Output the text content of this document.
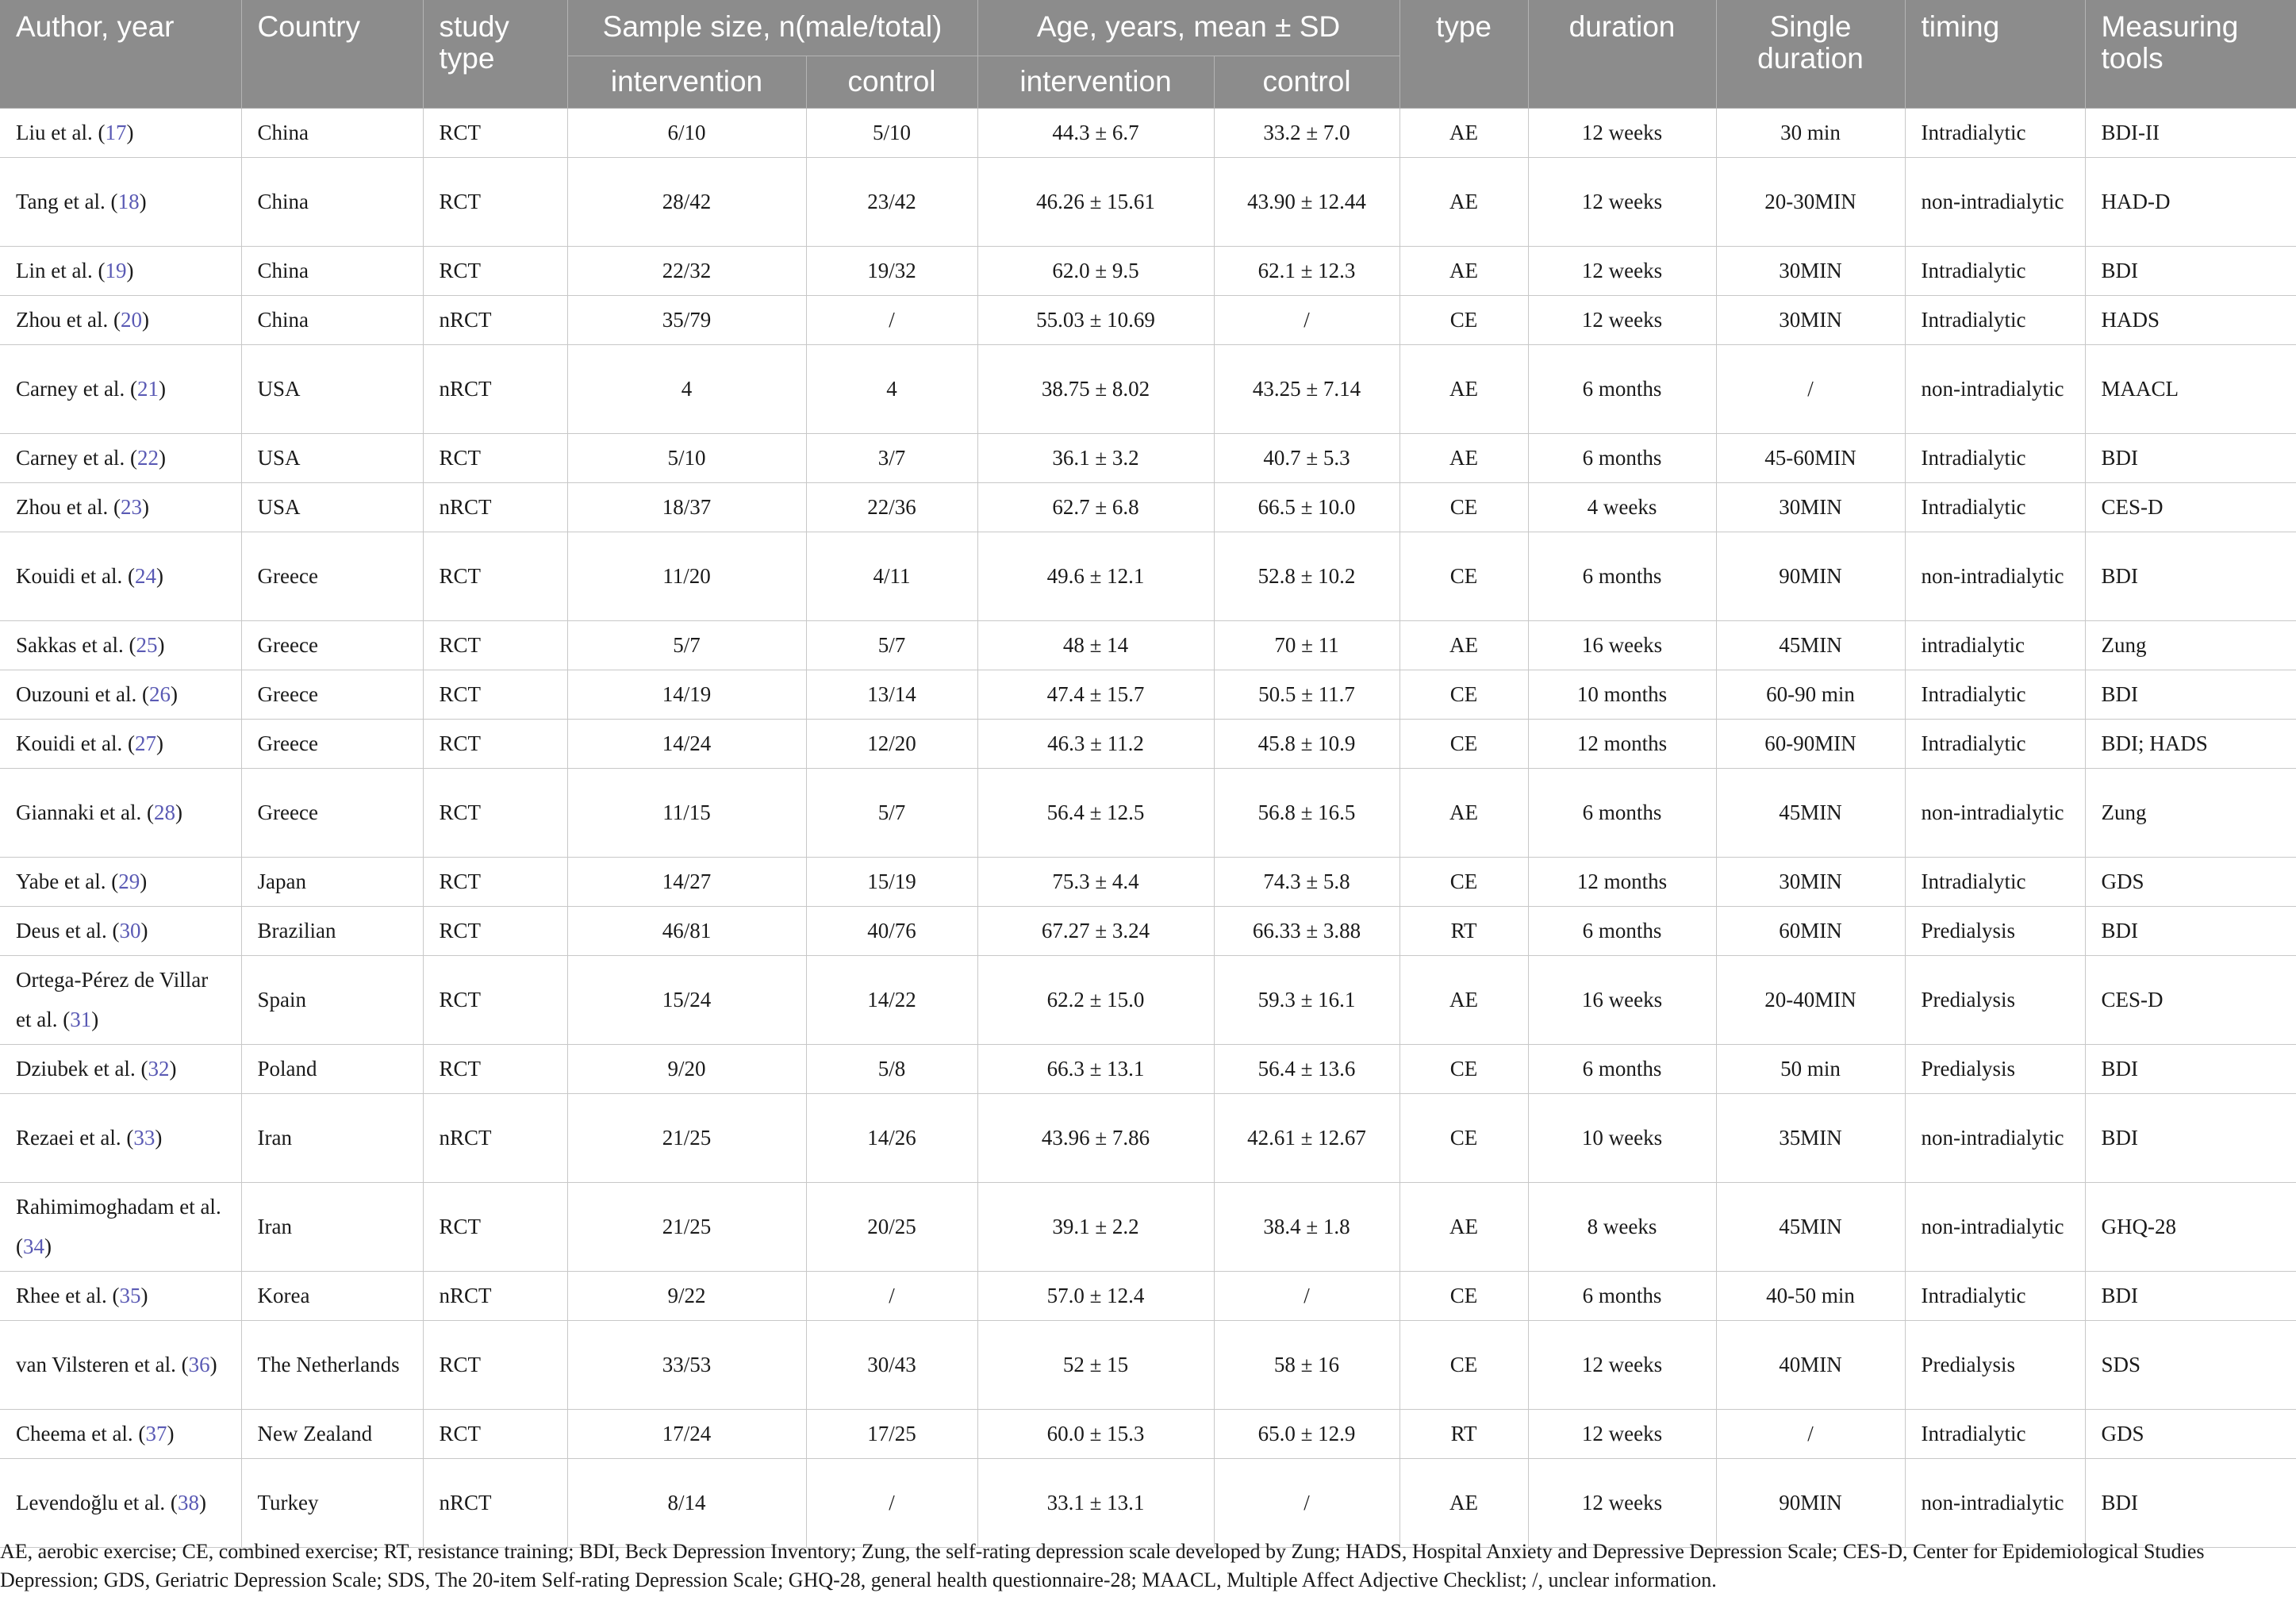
Author, year	Country	study type	Sample size, n(male/total)		Age, years, mean ± SD		type	duration	Single duration	timing	Measuring tools
			intervention	control	intervention	control					
Liu et al. (17)	China	RCT	6/10	5/10	44.3 ± 6.7	33.2 ± 7.0	AE	12 weeks	30 min	Intradialytic	BDI-II
Tang et al. (18)	China	RCT	28/42	23/42	46.26 ± 15.61	43.90 ± 12.44	AE	12 weeks	20-30MIN	non-intradialytic	HAD-D
Lin et al. (19)	China	RCT	22/32	19/32	62.0 ± 9.5	62.1 ± 12.3	AE	12 weeks	30MIN	Intradialytic	BDI
Zhou et al. (20)	China	nRCT	35/79	/	55.03 ± 10.69	/	CE	12 weeks	30MIN	Intradialytic	HADS
Carney et al. (21)	USA	nRCT	4	4	38.75 ± 8.02	43.25 ± 7.14	AE	6 months	/	non-intradialytic	MAACL
Carney et al. (22)	USA	RCT	5/10	3/7	36.1 ± 3.2	40.7 ± 5.3	AE	6 months	45-60MIN	Intradialytic	BDI
Zhou et al. (23)	USA	nRCT	18/37	22/36	62.7 ± 6.8	66.5 ± 10.0	CE	4 weeks	30MIN	Intradialytic	CES-D
Kouidi et al. (24)	Greece	RCT	11/20	4/11	49.6 ± 12.1	52.8 ± 10.2	CE	6 months	90MIN	non-intradialytic	BDI
Sakkas et al. (25)	Greece	RCT	5/7	5/7	48 ± 14	70 ± 11	AE	16 weeks	45MIN	intradialytic	Zung
Ouzouni et al. (26)	Greece	RCT	14/19	13/14	47.4 ± 15.7	50.5 ± 11.7	CE	10 months	60-90 min	Intradialytic	BDI
Kouidi et al. (27)	Greece	RCT	14/24	12/20	46.3 ± 11.2	45.8 ± 10.9	CE	12 months	60-90MIN	Intradialytic	BDI; HADS
Giannaki et al. (28)	Greece	RCT	11/15	5/7	56.4 ± 12.5	56.8 ± 16.5	AE	6 months	45MIN	non-intradialytic	Zung
Yabe et al. (29)	Japan	RCT	14/27	15/19	75.3 ± 4.4	74.3 ± 5.8	CE	12 months	30MIN	Intradialytic	GDS
Deus et al. (30)	Brazilian	RCT	46/81	40/76	67.27 ± 3.24	66.33 ± 3.88	RT	6 months	60MIN	Predialysis	BDI
Ortega-Pérez de Villar et al. (31)	Spain	RCT	15/24	14/22	62.2 ± 15.0	59.3 ± 16.1	AE	16 weeks	20-40MIN	Predialysis	CES-D
Dziubek et al. (32)	Poland	RCT	9/20	5/8	66.3 ± 13.1	56.4 ± 13.6	CE	6 months	50 min	Predialysis	BDI
Rezaei et al. (33)	Iran	nRCT	21/25	14/26	43.96 ± 7.86	42.61 ± 12.67	CE	10 weeks	35MIN	non-intradialytic	BDI
Rahimimoghadam et al. (34)	Iran	RCT	21/25	20/25	39.1 ± 2.2	38.4 ± 1.8	AE	8 weeks	45MIN	non-intradialytic	GHQ-28
Rhee et al. (35)	Korea	nRCT	9/22	/	57.0 ± 12.4	/	CE	6 months	40-50 min	Intradialytic	BDI
van Vilsteren et al. (36)	The Netherlands	RCT	33/53	30/43	52 ± 15	58 ± 16	CE	12 weeks	40MIN	Predialysis	SDS
Cheema et al. (37)	New Zealand	RCT	17/24	17/25	60.0 ± 15.3	65.0 ± 12.9	RT	12 weeks	/	Intradialytic	GDS
Levendoğlu et al. (38)	Turkey	nRCT	8/14	/	33.1 ± 13.1	/	AE	12 weeks	90MIN	non-intradialytic	BDI

AE, aerobic exercise; CE, combined exercise; RT, resistance training; BDI, Beck Depression Inventory; Zung, the self-rating depression scale developed by Zung; HADS, Hospital Anxiety and Depressive Depression Scale; CES-D, Center for Epidemiological Studies Depression; GDS, Geriatric Depression Scale; SDS, The 20-item Self-rating Depression Scale; GHQ-28, general health questionnaire-28; MAACL, Multiple Affect Adjective Checklist; /, unclear information.
